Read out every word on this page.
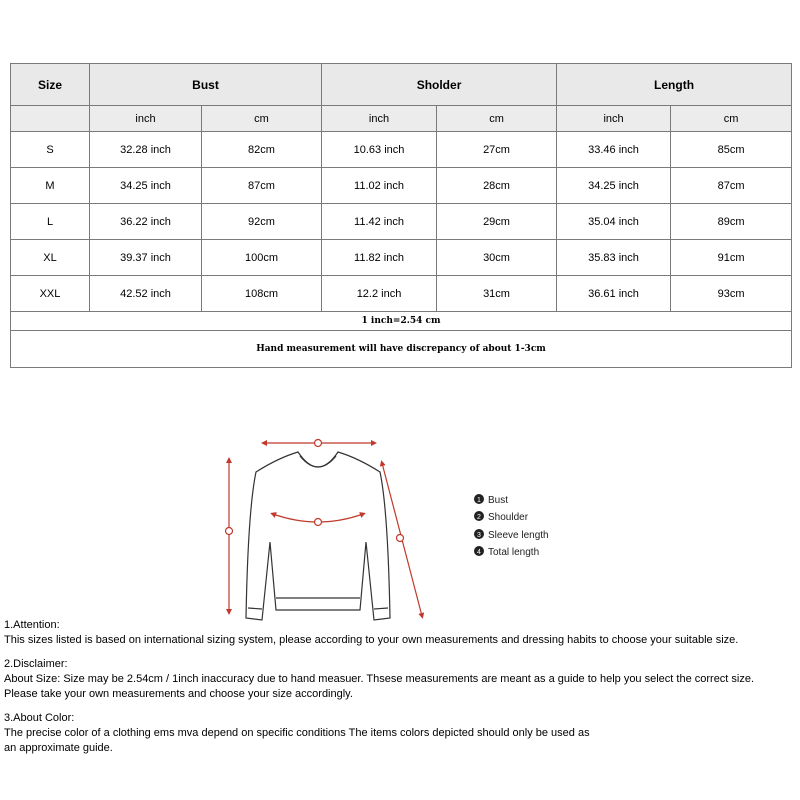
Size	Bust		Sholder		Length	
	inch	cm	inch	cm	inch	cm
S	32.28 inch	82cm	10.63 inch	27cm	33.46 inch	85cm
M	34.25 inch	87cm	11.02 inch	28cm	34.25 inch	87cm
L	36.22 inch	92cm	11.42 inch	29cm	35.04 inch	89cm
XL	39.37 inch	100cm	11.82 inch	30cm	35.83 inch	91cm
XXL	42.52 inch	108cm	12.2 inch	31cm	36.61 inch	93cm
1 inch=2.54 cm						
Hand measurement will have discrepancy of about 1-3cm						
1 Bust
2 Shoulder
3 Sleeve length
4 Total length

1.Attention:

This sizes listed is based on international sizing system, please according to your own measurements and dressing habits to choose your suitable size.

2.Disclaimer:

About Size: Size may be 2.54cm / 1inch inaccuracy due to hand measuer. Thsese measurements are meant as a guide to help you select the correct size.

Please take your own measurements and choose your size accordingly.

3.About Color:

The precise color of a clothing ems mva depend on specific conditions The items colors depicted should only be used as

an approximate guide.
